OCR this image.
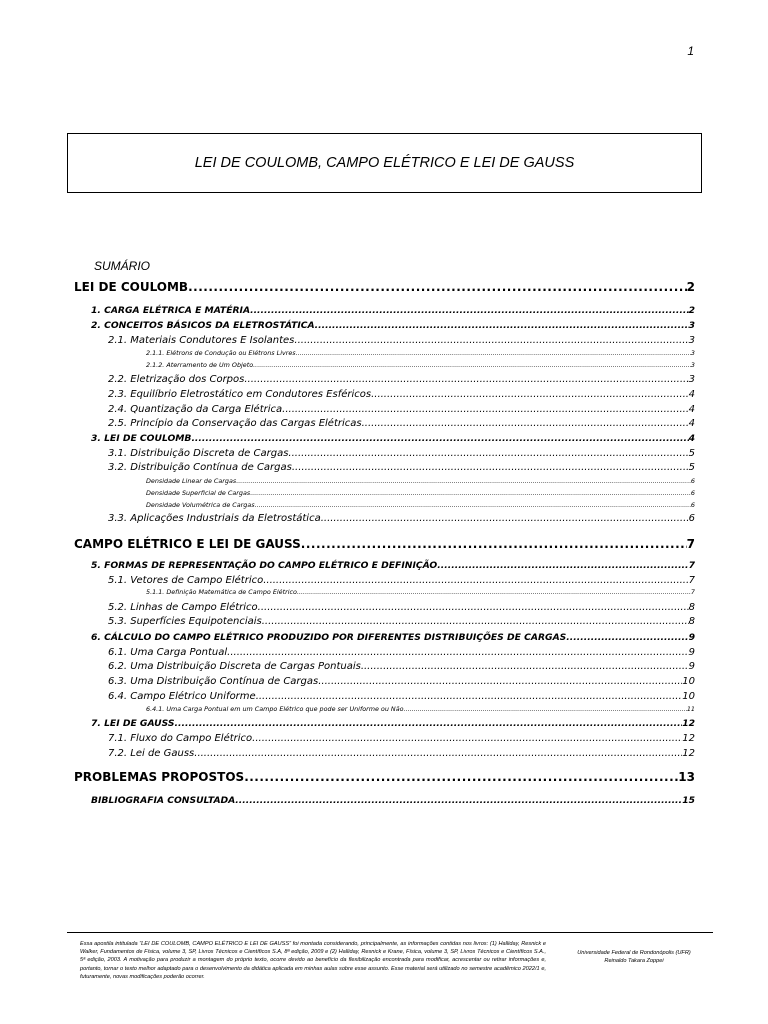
1
LEI DE COULOMB, CAMPO ELÉTRICO E LEI DE GAUSS
SUMÁRIO
LEI DE COULOMB .....	2
1. CARGA ELÉTRICA E MATÉRIA .....	2
2. CONCEITOS BÁSICOS DA ELETROSTÁTICA .....	3
2.1. Materiais Condutores E Isolantes .....	3
2.1.1. Elétrons de Condução ou Elétrons Livres .....	3
2.1.2. Aterramento de Um Objeto .....	3
2.2. Eletrização dos Corpos .....	3
2.3. Equilíbrio Eletrostático em Condutores Esféricos .....	4
2.4. Quantização da Carga Elétrica .....	4
2.5. Princípio da Conservação das Cargas Elétricas .....	4
3. LEI DE COULOMB .....	4
3.1. Distribuição Discreta de Cargas .....	5
3.2. Distribuição Contínua de Cargas .....	5
Densidade Linear de Cargas .....	6
Densidade Superficial de Cargas .....	6
Densidade Volumétrica de Cargas .....	6
3.3. Aplicações Industriais da Eletrostática .....	6
CAMPO ELÉTRICO E LEI DE GAUSS .....	7
5. FORMAS DE REPRESENTAÇÃO DO CAMPO ELÉTRICO E DEFINIÇÃO .....	7
5.1. Vetores de Campo Elétrico .....	7
5.1.1. Definição Matemática de Campo Elétrico .....	7
5.2. Linhas de Campo Elétrico .....	8
5.3. Superfícies Equipotenciais .....	8
6. CÁLCULO DO CAMPO ELÉTRICO PRODUZIDO POR DIFERENTES DISTRIBUIÇÕES DE CARGAS .....	9
6.1. Uma Carga Pontual .....	9
6.2. Uma Distribuição Discreta de Cargas Pontuais .....	9
6.3. Uma Distribuição Contínua de Cargas .....	10
6.4. Campo Elétrico Uniforme .....	10
6.4.1. Uma Carga Pontual em um Campo Elétrico que pode ser Uniforme ou Não .....	11
7. LEI DE GAUSS .....	12
7.1. Fluxo do Campo Elétrico .....	12
7.2. Lei de Gauss .....	12
PROBLEMAS PROPOSTOS .....	13
BIBLIOGRAFIA CONSULTADA .....	15
Essa apostila intitulada “LEI DE COULOMB, CAMPO ELÉTRICO E LEI DE GAUSS” foi montada considerando, principalmente, as informações contidas nos livros: (1) Halliday, Resnick e Walker, Fundamentos de Física, volume 3, SP, Livros Técnicos e Científicos S.A, 8ª edição, 2009 e (2) Halliday, Resnick e Krane, Física, volume 3, SP, Livros Técnicos e Científicos S.A., 5ª edição, 2003. A motivação para produzir a montagem do próprio texto, ocorre devido ao benefício da flexibilização encontrada para modificar, acrescentar ou retirar informações e, portanto, tornar o texto melhor adaptado para o desenvolvimento da didática aplicada em minhas aulas sobre esse assunto. Esse material será utilizado no semestre acadêmico 2022/1 e, futuramente, novas modificações poderão ocorrer.
Universidade Federal de Rondonópolis (UFR)
Reinaldo Takara Zoppei
